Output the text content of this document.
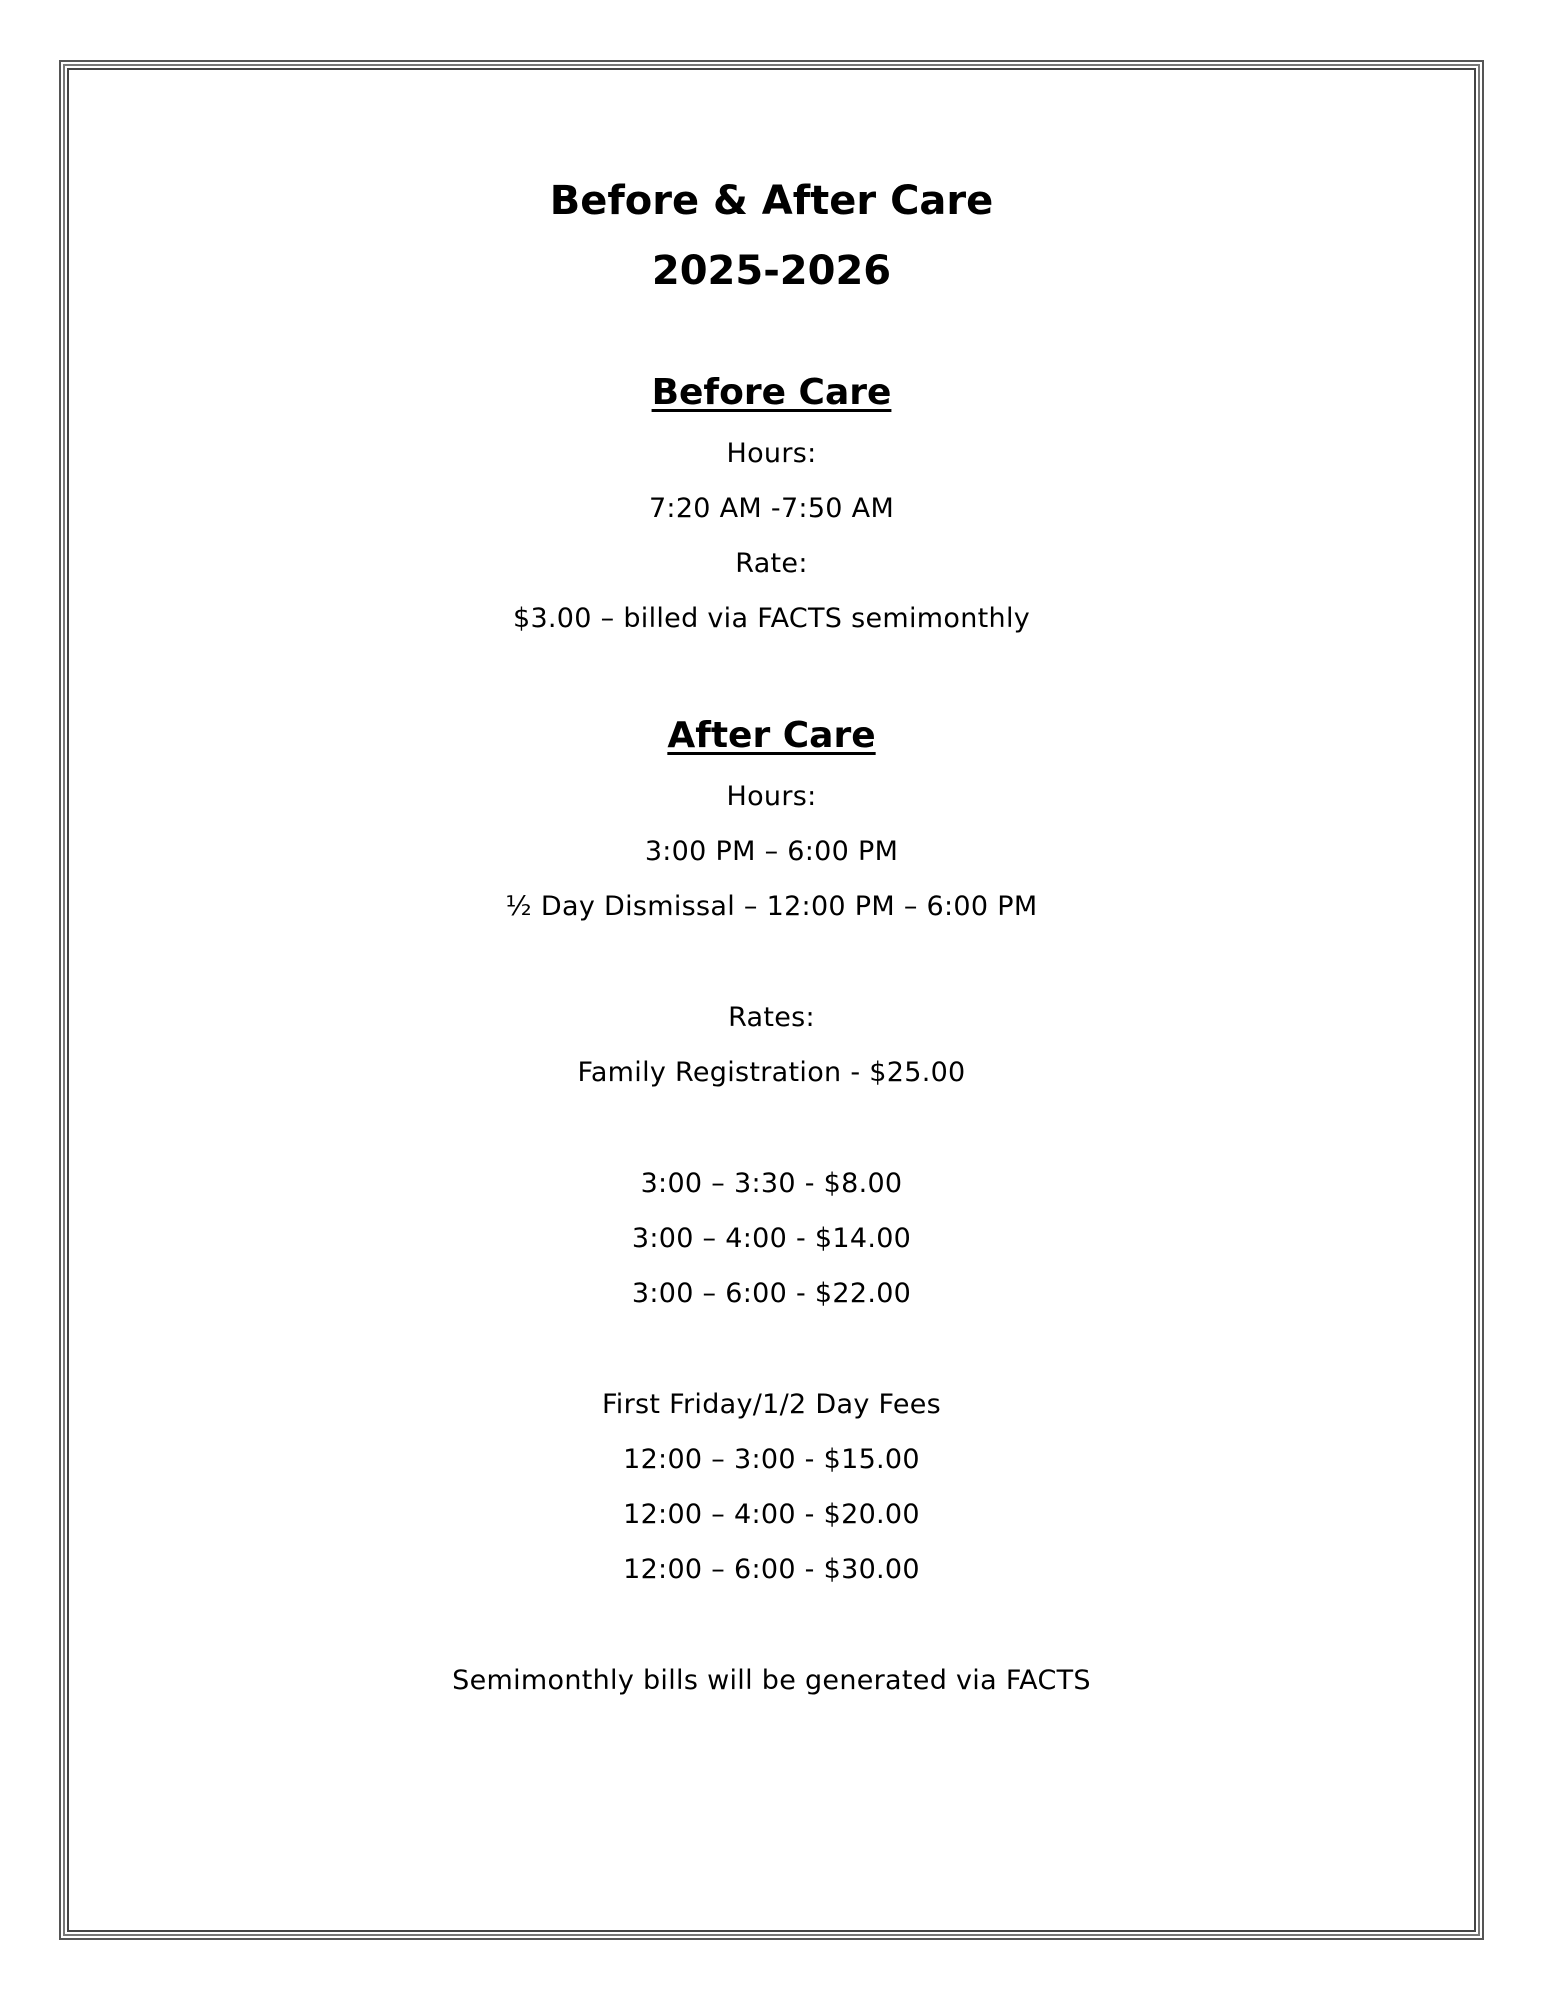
Before & After Care
2025-2026
Before Care
Hours:
7:20 AM -7:50 AM
Rate:
$3.00 – billed via FACTS semimonthly
After Care
Hours:
3:00 PM – 6:00 PM
½ Day Dismissal – 12:00 PM – 6:00 PM
Rates:
Family Registration - $25.00
3:00 – 3:30 - $8.00
3:00 – 4:00 - $14.00
3:00 – 6:00 - $22.00
First Friday/1/2 Day Fees
12:00 – 3:00 - $15.00
12:00 – 4:00 - $20.00
12:00 – 6:00 - $30.00
Semimonthly bills will be generated via FACTS
